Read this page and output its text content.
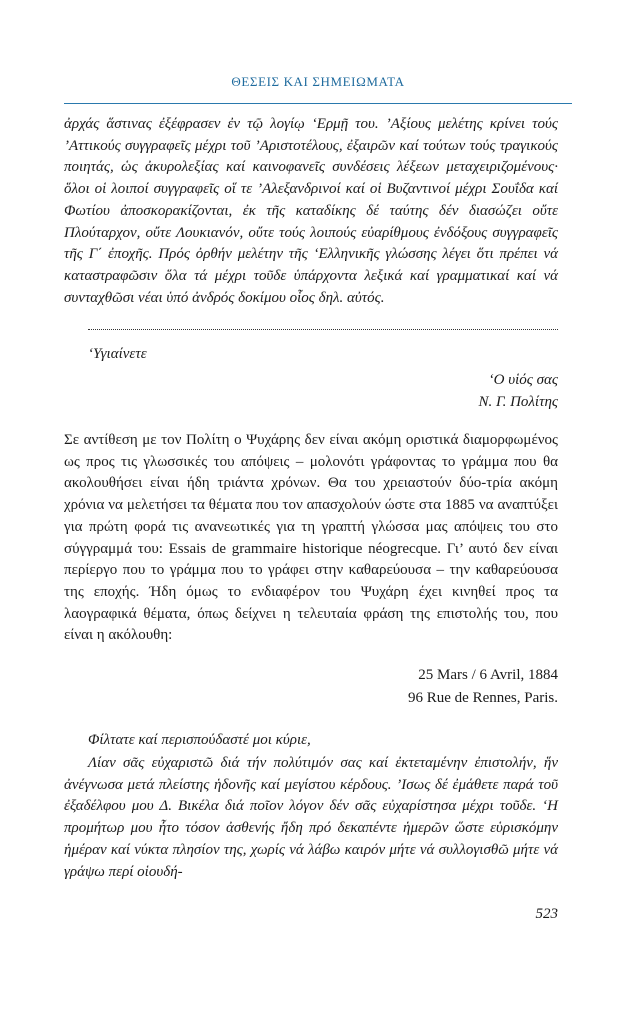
ΘΕΣΕΙΣ ΚΑΙ ΣΗΜΕΙΩΜΑΤΑ

ἀρχάς ἅστινας ἐξέφρασεν ἐν τῷ λογίῳ ‘Ερμῇ του. ’Αξίους μελέτης κρίνει τούς ’Αττικούς συγγραφεῖς μέχρι τοῦ ’Αριστοτέλους, ἐξαιρῶν καί τούτων τούς τραγικούς ποιητάς, ὡς ἀκυρολεξίας καί καινοφανεῖς συνδέσεις λέξεων μεταχειριζομένους· ὅλοι οἱ λοιποί συγγραφεῖς οἵ τε ’Αλεξανδρινοί καί οἱ Βυζαντινοί μέχρι Σουΐδα καί Φωτίου ἀποσκορακίζονται, ἐκ τῆς καταδίκης δέ ταύτης δέν διασώζει οὔτε Πλούταρχον, οὔτε Λουκιανόν, οὔτε τούς λοιπούς εὐαρίθμους ἐνδόξους συγγραφεῖς τῆς Γ΄ ἐποχῆς. Πρός ὀρθήν μελέτην τῆς ‘Ελληνικῆς γλώσσης λέγει ὅτι πρέπει νά καταστραφῶσιν ὅλα τά μέχρι τοῦδε ὑπάρχοντα λεξικά καί γραμματικαί καί νά συνταχθῶσι νέαι ὑπό ἀνδρός δοκίμου οἷος δηλ. αὐτός.

‘Υγιαίνετε
‘Ο υἱός σας
Ν. Γ. Πολίτης

Σε αντίθεση με τον Πολίτη ο Ψυχάρης δεν είναι ακόμη οριστικά διαμορφωμένος ως προς τις γλωσσικές του απόψεις – μολονότι γράφοντας το γράμμα που θα ακολουθήσει είναι ήδη τριάντα χρόνων. Θα του χρειαστούν δύο-τρία ακόμη χρόνια να μελετήσει τα θέματα που τον απασχολούν ώστε στα 1885 να αναπτύξει για πρώτη φορά τις ανανεωτικές για τη γραπτή γλώσσα μας απόψεις του στο σύγγραμμά του: Essais de grammaire historique néogrecque. Γι’ αυτό δεν είναι περίεργο που το γράμμα που το γράφει στην καθαρεύουσα – την καθαρεύουσα της εποχής. Ήδη όμως το ενδιαφέρον του Ψυχάρη έχει κινηθεί προς τα λαογραφικά θέματα, όπως δείχνει η τελευταία φράση της επιστολής του, που είναι η ακόλουθη:

25 Mars / 6 Avril, 1884
96 Rue de Rennes, Paris.
Φίλτατε καί περισπούδαστέ μοι κύριε,

Λίαν σᾶς εὐχαριστῶ διά τήν πολύτιμόν σας καί ἐκτεταμένην ἐπιστολήν, ἥν ἀνέγνωσα μετά πλείστης ἡδονῆς καί μεγίστου κέρδους. ’Ισως δέ ἐμάθετε παρά τοῦ ἐξαδέλφου μου Δ. Βικέλα διά ποῖον λόγον δέν σᾶς εὐχαρίστησα μέχρι τοῦδε. ‘Η προμήτωρ μου ἦτο τόσον ἀσθενής ἤδη πρό δεκαπέντε ἡμερῶν ὥστε εὑρισκόμην ἡμέραν καί νύκτα πλησίον της, χωρίς νά λάβω καιρόν μήτε νά συλλογισθῶ μήτε νά γράψω περί οἱουδή-

523
